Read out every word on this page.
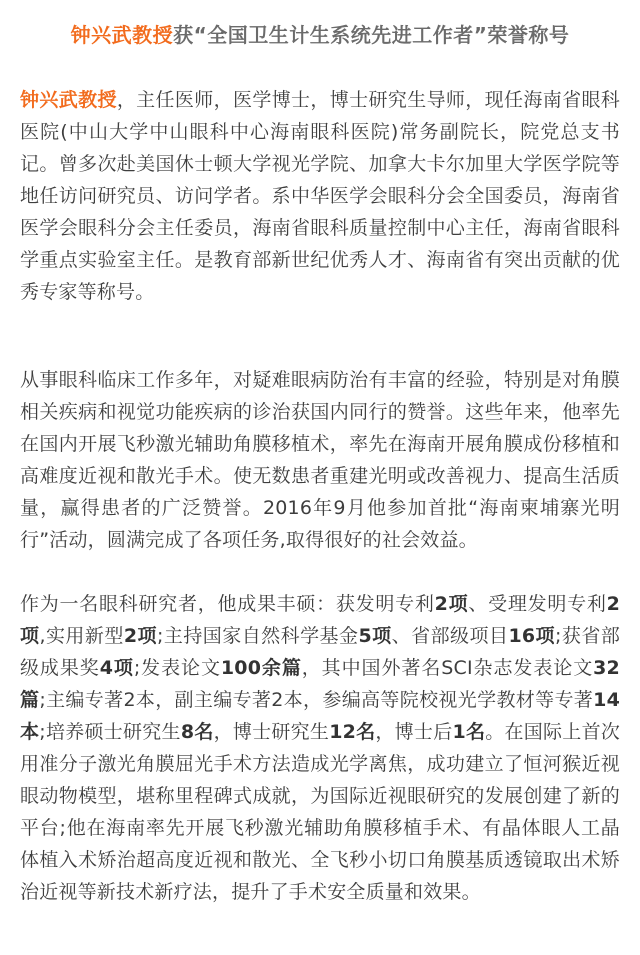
钟兴武教授获“全国卫生计生系统先进工作者”荣誉称号

钟兴武教授，主任医师，医学博士，博士研究生导师，现任海南省眼科医院(中山大学中山眼科中心海南眼科医院)常务副院长，院党总支书记。曾多次赴美国休士顿大学视光学院、加拿大卡尔加里大学医学院等地任访问研究员、访问学者。系中华医学会眼科分会全国委员，海南省医学会眼科分会主任委员，海南省眼科质量控制中心主任，海南省眼科学重点实验室主任。是教育部新世纪优秀人才、海南省有突出贡献的优秀专家等称号。

从事眼科临床工作多年，对疑难眼病防治有丰富的经验，特别是对角膜相关疾病和视觉功能疾病的诊治获国内同行的赞誉。这些年来，他率先在国内开展飞秒激光辅助角膜移植术，率先在海南开展角膜成份移植和高难度近视和散光手术。使无数患者重建光明或改善视力、提高生活质量，赢得患者的广泛赞誉。2016年9月他参加首批“海南柬埔寨光明行”活动，圆满完成了各项任务,取得很好的社会效益。

作为一名眼科研究者，他成果丰硕：获发明专利2项、受理发明专利2项,实用新型2项;主持国家自然科学基金5项、省部级项目16项;获省部级成果奖4项;发表论文100余篇，其中国外著名SCI杂志发表论文32篇;主编专著2本，副主编专著2本，参编高等院校视光学教材等专著14本;培养硕士研究生8名，博士研究生12名，博士后1名。在国际上首次用准分子激光角膜屈光手术方法造成光学离焦，成功建立了恒河猴近视眼动物模型，堪称里程碑式成就，为国际近视眼研究的发展创建了新的平台;他在海南率先开展飞秒激光辅助角膜移植手术、有晶体眼人工晶体植入术矫治超高度近视和散光、全飞秒小切口角膜基质透镜取出术矫治近视等新技术新疗法，提升了手术安全质量和效果。
